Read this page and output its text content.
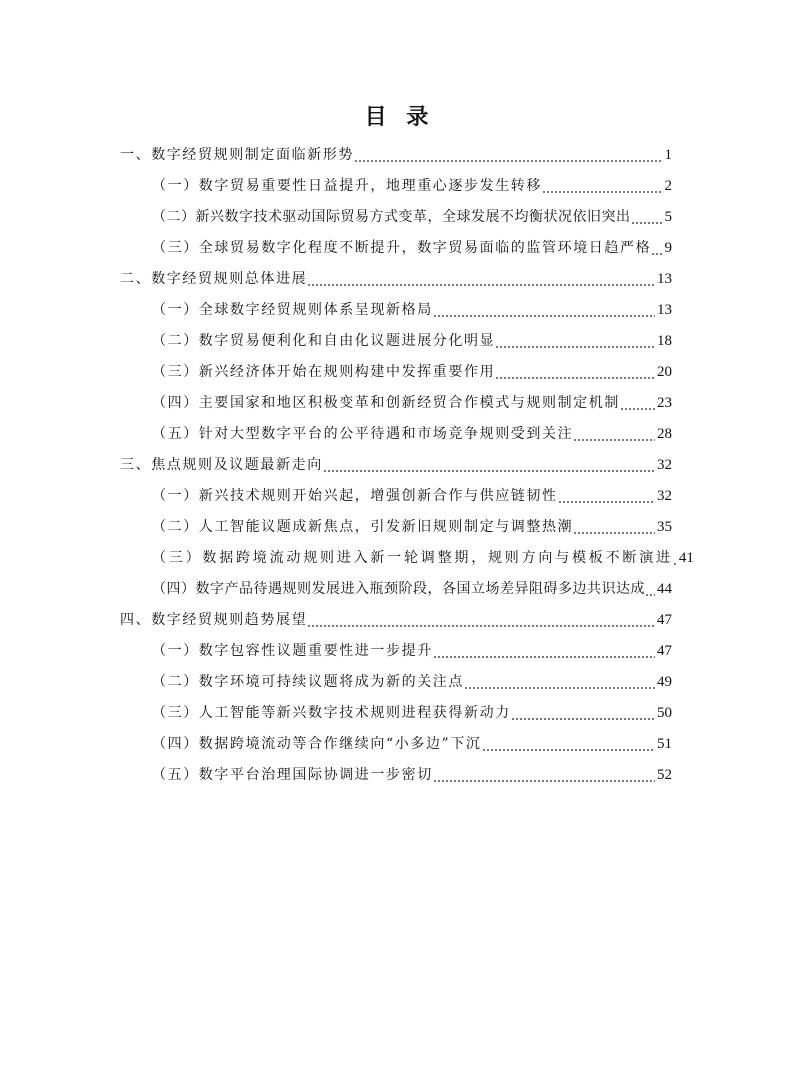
目 录
一、数字经贸规则制定面临新形势	1
（一）数字贸易重要性日益提升，地理重心逐步发生转移	2
（二）新兴数字技术驱动国际贸易方式变革，全球发展不均衡状况依旧突出 5
（三）全球贸易数字化程度不断提升，数字贸易面临的监管环境日趋严格 9
二、数字经贸规则总体进展	13
（一）全球数字经贸规则体系呈现新格局	13
（二）数字贸易便利化和自由化议题进展分化明显	18
（三）新兴经济体开始在规则构建中发挥重要作用	20
（四）主要国家和地区积极变革和创新经贸合作模式与规则制定机制 23
（五）针对大型数字平台的公平待遇和市场竞争规则受到关注	28
三、焦点规则及议题最新走向	32
（一）新兴技术规则开始兴起，增强创新合作与供应链韧性	32
（二）人工智能议题成新焦点，引发新旧规则制定与调整热潮	35
（三）数据跨境流动规则进入新一轮调整期，规则方向与模板不断演进 41
（四）数字产品待遇规则发展进入瓶颈阶段，各国立场差异阻碍多边共识达成 44
四、数字经贸规则趋势展望	47
（一）数字包容性议题重要性进一步提升	47
（二）数字环境可持续议题将成为新的关注点	49
（三）人工智能等新兴数字技术规则进程获得新动力	50
（四）数据跨境流动等合作继续向“小多边”下沉	51
（五）数字平台治理国际协调进一步密切	52
